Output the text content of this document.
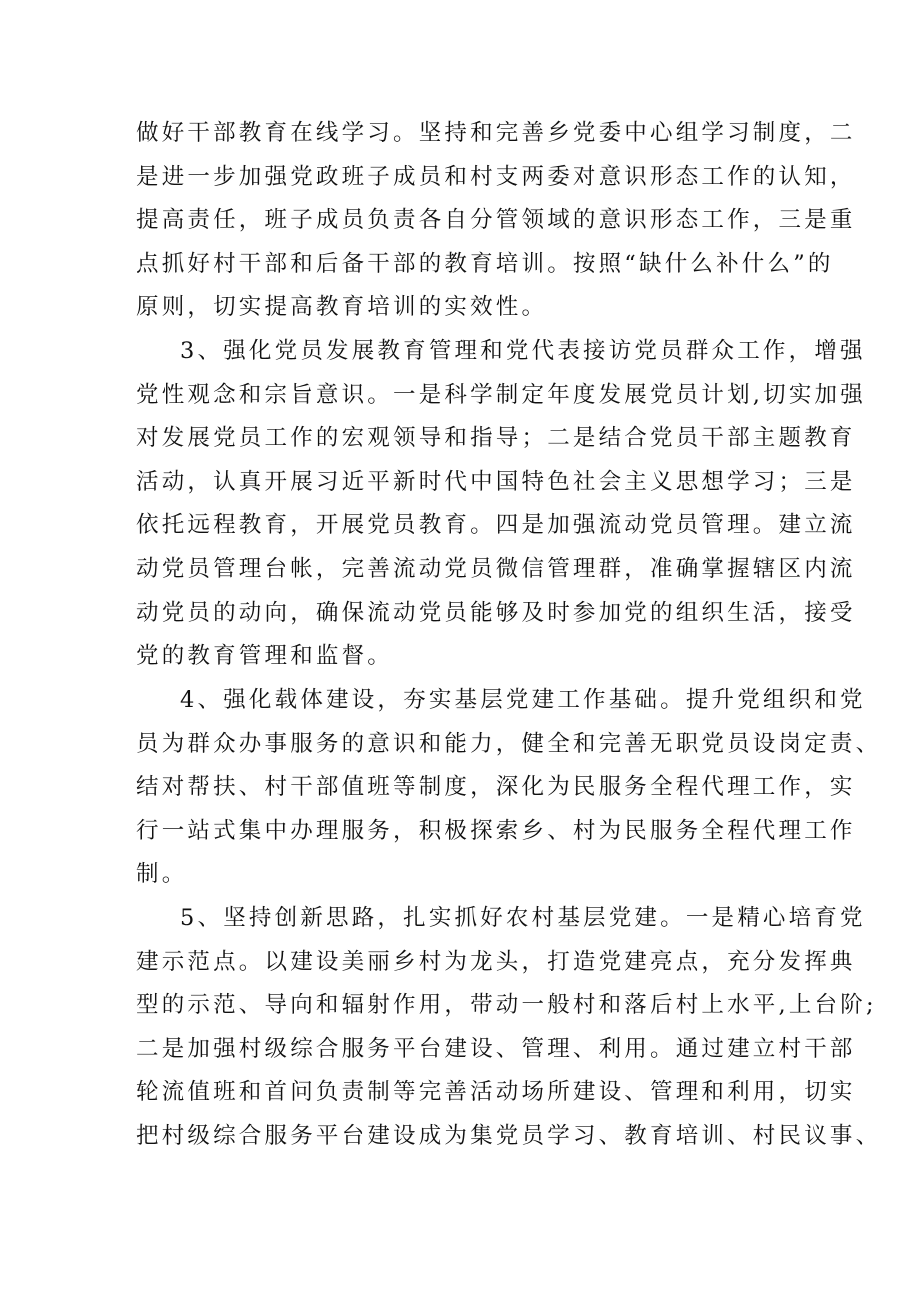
做好干部教育在线学习。坚持和完善乡党委中心组学习制度，二
是进一步加强党政班子成员和村支两委对意识形态工作的认知，
提高责任，班子成员负责各自分管领域的意识形态工作，三是重
点抓好村干部和后备干部的教育培训。按照“缺什么补什么”的
原则，切实提高教育培训的实效性。
3、强化党员发展教育管理和党代表接访党员群众工作，增强
党性观念和宗旨意识。一是科学制定年度发展党员计划,切实加强
对发展党员工作的宏观领导和指导；二是结合党员干部主题教育
活动，认真开展习近平新时代中国特色社会主义思想学习；三是
依托远程教育，开展党员教育。四是加强流动党员管理。建立流
动党员管理台帐，完善流动党员微信管理群，准确掌握辖区内流
动党员的动向，确保流动党员能够及时参加党的组织生活，接受
党的教育管理和监督。
4、强化载体建设，夯实基层党建工作基础。提升党组织和党
员为群众办事服务的意识和能力，健全和完善无职党员设岗定责、
结对帮扶、村干部值班等制度，深化为民服务全程代理工作，实
行一站式集中办理服务，积极探索乡、村为民服务全程代理工作
制。
5、坚持创新思路，扎实抓好农村基层党建。一是精心培育党
建示范点。以建设美丽乡村为龙头，打造党建亮点，充分发挥典
型的示范、导向和辐射作用，带动一般村和落后村上水平,上台阶;
二是加强村级综合服务平台建设、管理、利用。通过建立村干部
轮流值班和首问负责制等完善活动场所建设、管理和利用，切实
把村级综合服务平台建设成为集党员学习、教育培训、村民议事、
